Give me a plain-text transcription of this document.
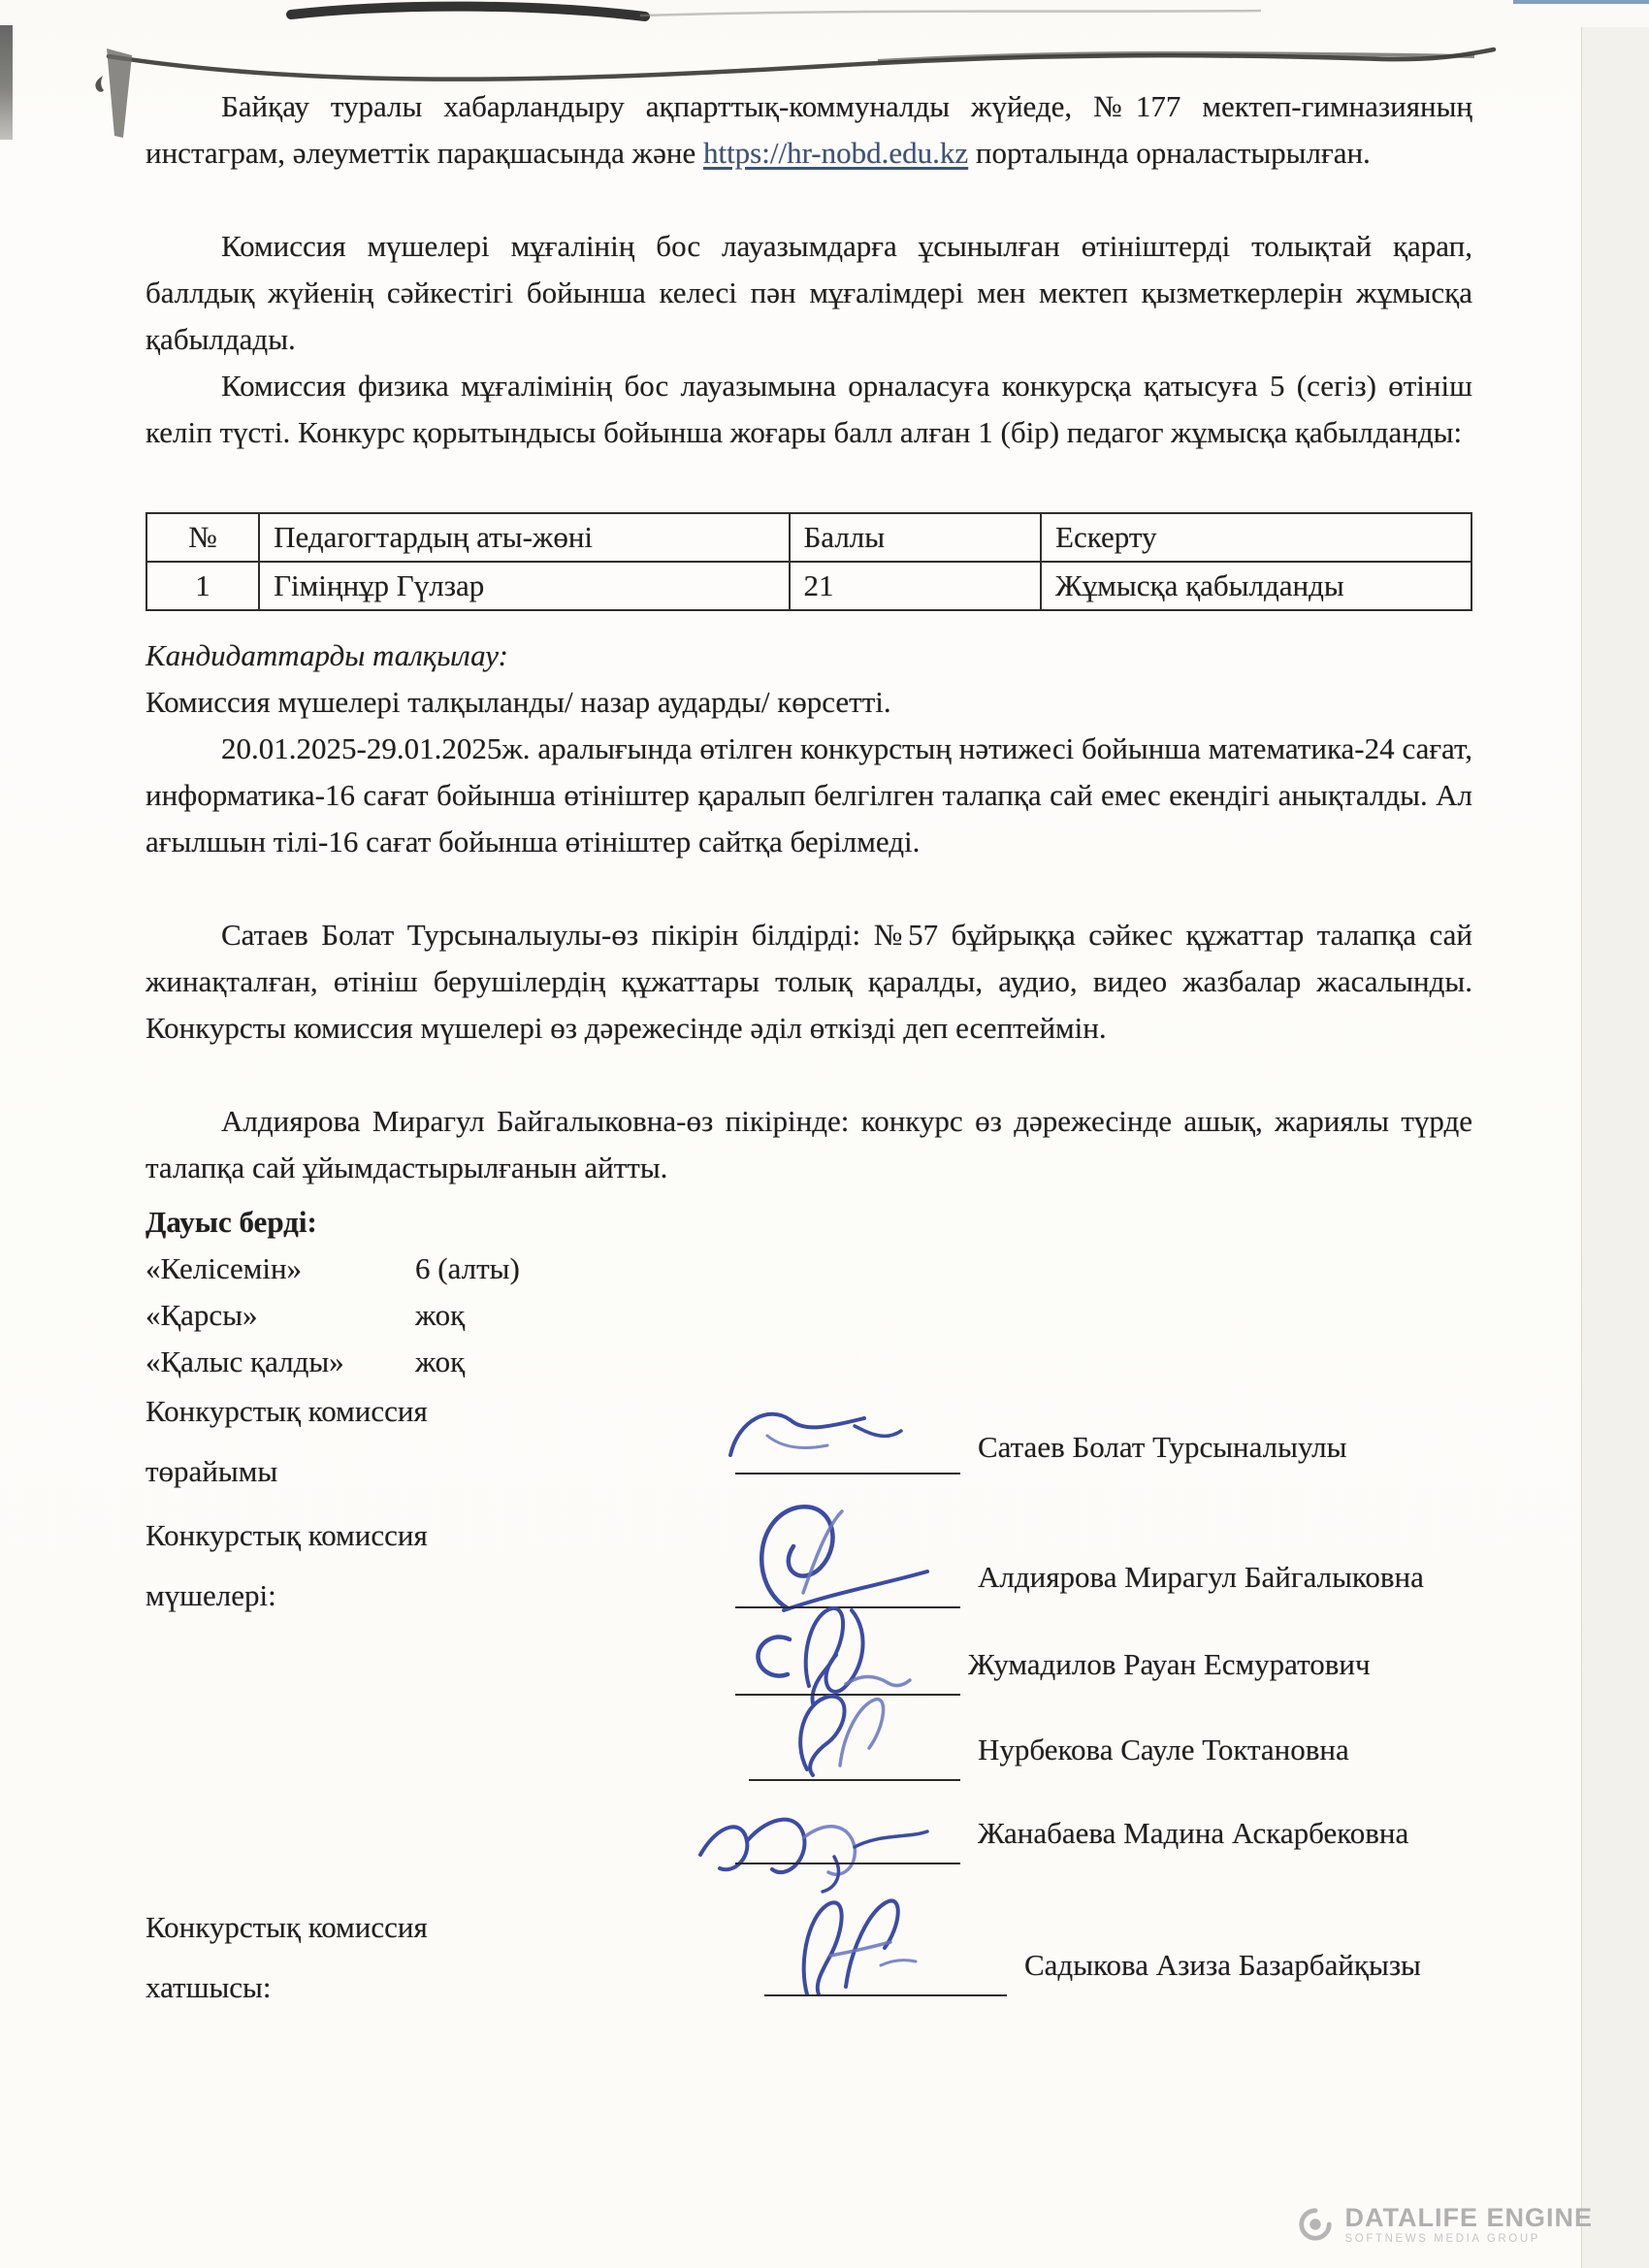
Байқау туралы хабарландыру ақпарттық-коммуналды жүйеде, №177 мектеп-гимназияның инстаграм, әлеуметтік парақшасында және https://hr-nobd.edu.kz порталында орналастырылған.

Комиссия мүшелері мұғалінің бос лауазымдарға ұсынылған өтініштерді толықтай қарап, баллдық жүйенің сәйкестігі бойынша келесі пән мұғалімдері мен мектеп қызметкерлерін жұмысқа қабылдады.

Комиссия физика мұғалімінің бос лауазымына орналасуға конкурсқа қатысуға 5 (сегіз) өтініш келіп түсті. Конкурс қорытындысы бойынша жоғары балл алған 1 (бір) педагог жұмысқа қабылданды:

№	Педагогтардың аты-жөні	Баллы	Ескерту
1	Гіміңнұр Гүлзар	21	Жұмысқа қабылданды

Кандидаттарды талқылау:

Комиссия мүшелері талқыланды/ назар аударды/ көрсетті.

20.01.2025-29.01.2025ж. аралығында өтілген конкурстың нәтижесі бойынша математика-24 сағат, информатика-16 сағат бойынша өтініштер қаралып белгілген талапқа сай емес екендігі анықталды. Ал ағылшын тілі-16 сағат бойынша өтініштер сайтқа берілмеді.

Сатаев Болат Турсыналыулы-өз пікірін білдірді: №57 бұйрыққа сәйкес құжаттар талапқа сай жинақталған, өтініш берушілердің құжаттары толық қаралды, аудио, видео жазбалар жасалынды. Конкурсты комиссия мүшелері өз дәрежесінде әділ өткізді деп есептеймін.

Алдиярова Мирагул Байгалыковна-өз пікірінде: конкурс өз дәрежесінде ашық, жариялы түрде талапқа сай ұйымдастырылғанын айтты.

Дауыс берді:

«Келісемін»	6 (алты)
«Қарсы»	жоқ
«Қалыс қалды» жоқ
Конкурстық комиссия төрайымы
Сатаев Болат Турсыналыулы
Конкурстық комиссия мүшелері:
Алдиярова Мирагул Байгалыковна
Жумадилов Рауан Есмуратович
Нурбекова Сауле Токтановна
Жанабаева Мадина Аскарбековна
Конкурстық комиссия хатшысы:
Садыкова Азиза Базарбайқызы
DATALIFE ENGINE
SOFTNEWS MEDIA GROUP
